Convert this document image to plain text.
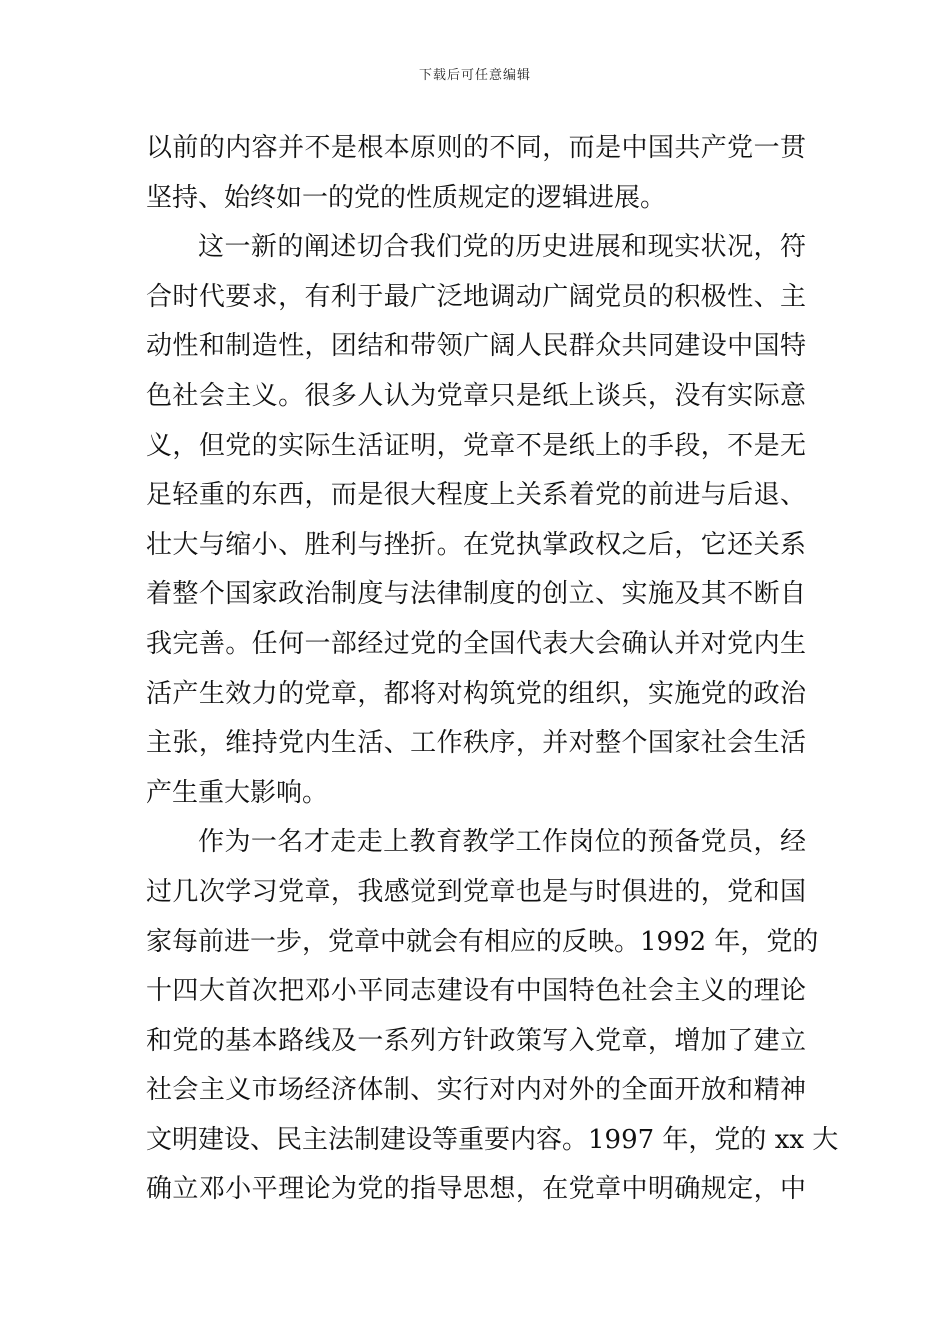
下载后可任意编辑
以前的内容并不是根本原则的不同，而是中国共产党一贯
坚持、始终如一的党的性质规定的逻辑进展。
这一新的阐述切合我们党的历史进展和现实状况，符
合时代要求，有利于最广泛地调动广阔党员的积极性、主
动性和制造性，团结和带领广阔人民群众共同建设中国特
色社会主义。很多人认为党章只是纸上谈兵，没有实际意
义，但党的实际生活证明，党章不是纸上的手段，不是无
足轻重的东西，而是很大程度上关系着党的前进与后退、
壮大与缩小、胜利与挫折。在党执掌政权之后，它还关系
着整个国家政治制度与法律制度的创立、实施及其不断自
我完善。任何一部经过党的全国代表大会确认并对党内生
活产生效力的党章，都将对构筑党的组织，实施党的政治
主张，维持党内生活、工作秩序，并对整个国家社会生活
产生重大影响。
作为一名才走走上教育教学工作岗位的预备党员，经
过几次学习党章，我感觉到党章也是与时俱进的，党和国
家每前进一步，党章中就会有相应的反映。1992 年，党的
十四大首次把邓小平同志建设有中国特色社会主义的理论
和党的基本路线及一系列方针政策写入党章，增加了建立
社会主义市场经济体制、实行对内对外的全面开放和精神
文明建设、民主法制建设等重要内容。1997 年，党的 xx 大
确立邓小平理论为党的指导思想，在党章中明确规定，中
